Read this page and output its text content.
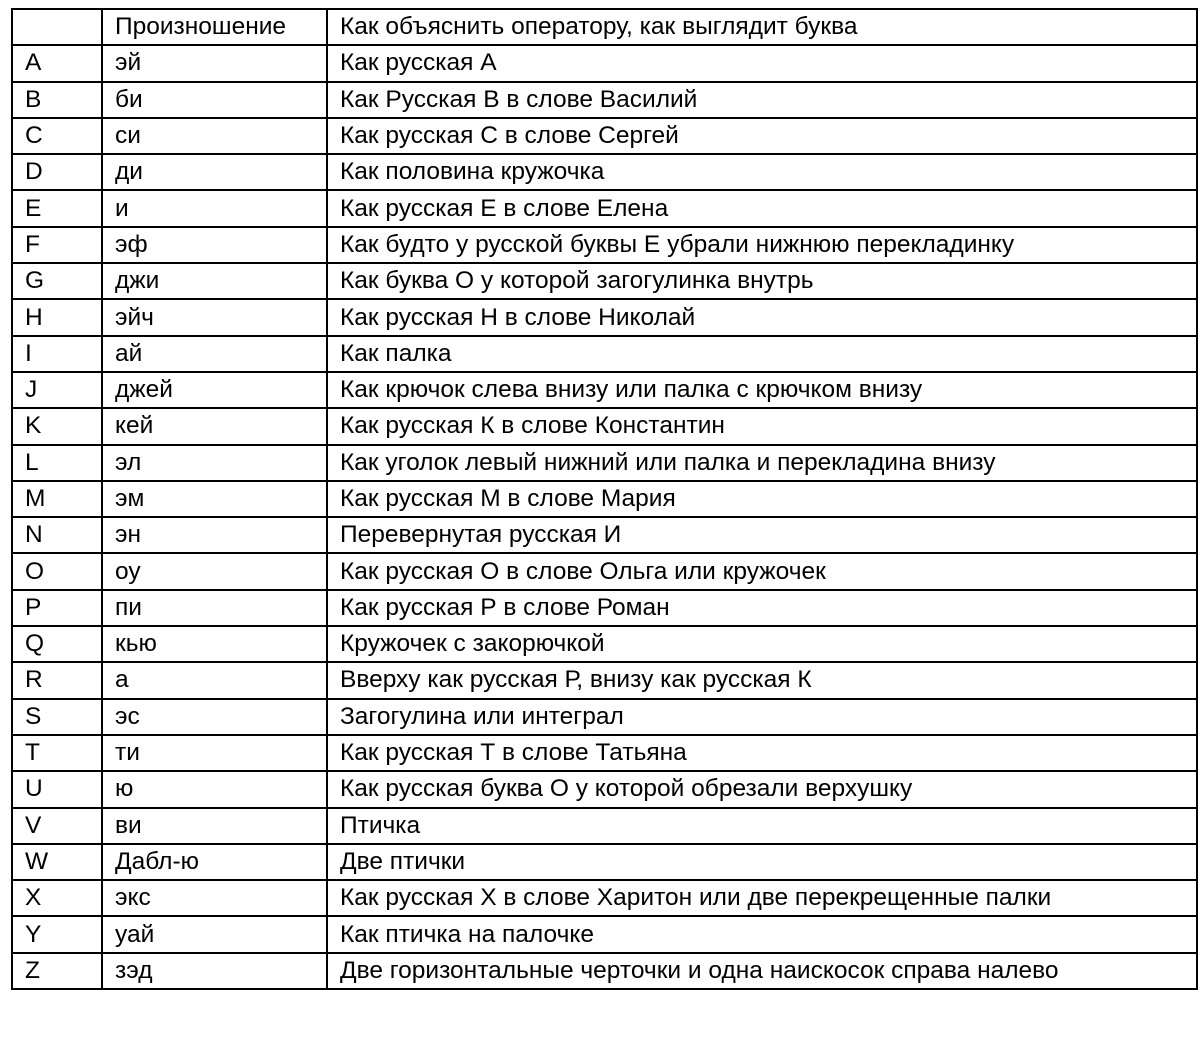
	Произношение	Как объяснить оператору, как выглядит буква
A	эй	Как русская А
B	би	Как Русская В в слове Василий
C	си	Как русская С в слове Сергей
D	ди	Как половина кружочка
E	и	Как русская Е в слове Елена
F	эф	Как будто у русской буквы Е убрали нижнюю перекладинку
G	джи	Как буква О у которой загогулинка внутрь
H	эйч	Как русская Н в слове Николай
I	ай	Как палка
J	джей	Как крючок слева внизу или палка с крючком внизу
K	кей	Как русская К в слове Константин
L	эл	Как уголок левый нижний или палка и перекладина внизу
M	эм	Как русская М в слове Мария
N	эн	Перевернутая русская И
O	оу	Как русская О в слове Ольга или кружочек
P	пи	Как русская Р в слове Роман
Q	кью	Кружочек с закорючкой
R	а	Вверху как русская Р, внизу как русская К
S	эс	Загогулина или интеграл
T	ти	Как русская Т в слове Татьяна
U	ю	Как русская буква О у которой обрезали верхушку
V	ви	Птичка
W	Дабл-ю	Две птички
X	экс	Как русская Х в слове Харитон или две перекрещенные палки
Y	уай	Как птичка на палочке
Z	зэд	Две горизонтальные черточки и одна наискосок справа налево
